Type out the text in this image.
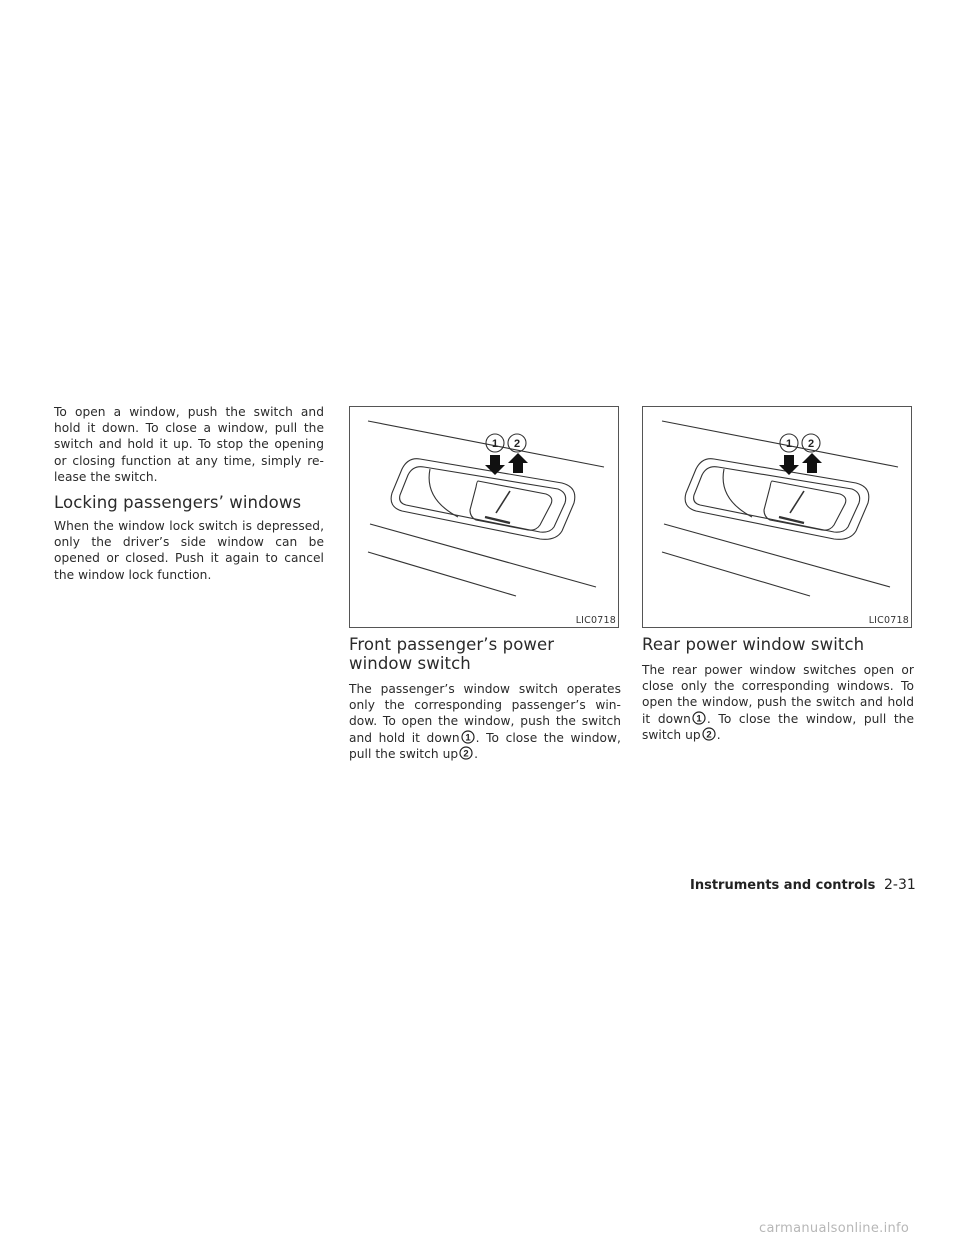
To open a window, push the switch and hold it down. To close a window, pull the switch and hold it up. To stop the opening or closing function at any time, simply re-lease the switch.

Locking passengers’ windows

When the window lock switch is depressed, only the driver’s side window can be opened or closed. Push it again to cancel the window lock function.

1 2
LIC0718
1 2
LIC0718
Front passenger’s power window switch

The passenger’s window switch operates only the corresponding passenger’s win-dow. To open the window, push the switch and hold it down 1 . To close the window, pull the switch up 2 .

Rear power window switch

The rear power window switches open or close only the corresponding windows. To open the window, push the switch and hold it down 1 . To close the window, pull the switch up 2 .

Instruments and controls 2-31
carmanualsonline.info
